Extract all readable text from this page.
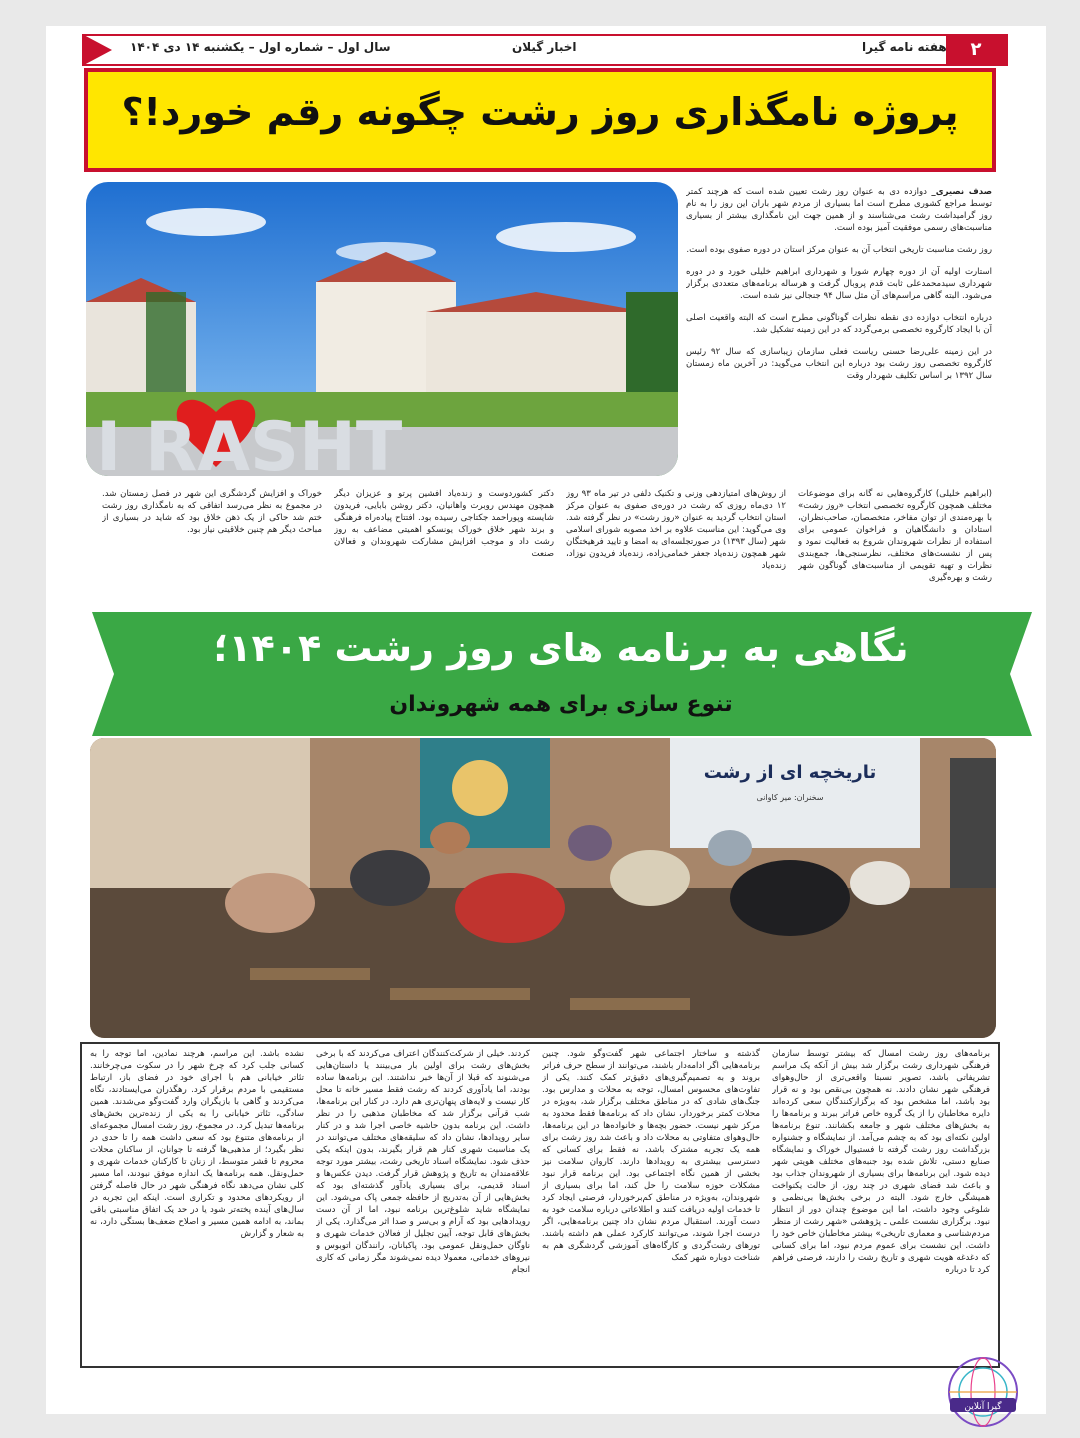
۲
هفته نامه گیرا
اخبار گیلان
سال اول – شماره اول – یکشنبه ۱۴ دی ۱۴۰۴
پروژه نامگذاری روز رشت چگونه رقم خورد!؟
I RASHT

صدف نصیری_ دوازده دی به عنوان روز رشت تعیین شده است که هرچند کمتر توسط مراجع کشوری مطرح است اما بسیاری از مردم شهر باران این روز را به نام روز گرامیداشت رشت می‌شناسند و از همین جهت این نامگذاری بیشتر از بسیاری مناسبت‌های رسمی موفقیت آمیز بوده است.

روز رشت مناسبت تاریخی انتخاب آن به عنوان مرکز استان در دوره صفوی بوده است.

استارت اولیه آن از دوره چهارم شورا و شهرداری ابراهیم خلیلی خورد و در دوره شهرداری سیدمحمدعلی ثابت قدم پروبال گرفت و هرساله برنامه‌های متعددی برگزار می‌شود. البته گاهی مراسم‌های آن مثل سال ۹۴ جنجالی نیز شده است.

درباره انتخاب دوازده دی نقطه نظرات گوناگونی مطرح است که البته واقعیت اصلی آن با ایجاد کارگروه تخصصی برمی‌گردد که در این زمینه تشکیل شد.

در این زمینه علی‌رضا حسنی ریاست فعلی سازمان زیباسازی که سال ۹۲ رئیس کارگروه تخصصی روز رشت بود درباره این انتخاب می‌گوید: در آخرین ماه زمستان سال ۱۳۹۲ بر اساس تکلیف شهردار وقت

(ابراهیم خلیلی) کارگروه‌هایی نه گانه برای موضوعات مختلف همچون کارگروه تخصصی انتخاب «روز رشت» با بهره‌مندی از توان مفاخر، متخصصان، صاحب‌نظران، استادان و دانشگاهیان و فراخوان عمومی برای استفاده از نظرات شهروندان شروع به فعالیت نمود و پس از نشست‌های مختلف، نظرسنجی‌ها، جمع‌بندی نظرات و تهیه تقویمی از مناسبت‌های گوناگون شهر رشت و بهره‌گیری
از روش‌های امتیازدهی وزنی و تکنیک دلفی در تیر ماه ۹۳ روز ۱۲ دی‌ماه روزی که رشت در دوره‌ی صفوی به عنوان مرکز استان انتخاب گردید به عنوان «روز رشت» در نظر گرفته شد. وی می‌گوید: این مناسبت علاوه بر اخذ مصوبه شورای اسلامی شهر (سال ۱۳۹۳) در صورتجلسه‌ای به امضا و تایید فرهیختگان شهر همچون زنده‌یاد جعفر خمامی‌زاده، زنده‌یاد فریدون نوزاد، زنده‌یاد
دکتر کشوردوست و زنده‌یاد افشین پرتو و عزیزان دیگر همچون مهندس روبرت واهانیان، دکتر روشن بابایی، فریدون شایسته وپوراحمد جکتاجی رسیده بود. افتتاح پیاده‌راه فرهنگی و برند شهر خلاق خوراک یونسکو اهمیتی مضاعف به روز رشت داد و موجب افزایش مشارکت شهروندان و فعالان صنعت
خوراک و افزایش گردشگری این شهر در فصل زمستان شد. در مجموع به نظر می‌رسد اتفاقی که به نامگذاری روز رشت ختم شد حاکی از یک ذهن خلاق بود که شاید در بسیاری از مباحث دیگر هم چنین خلاقیتی نیاز بود.
نگاهی به برنامه های روز رشت ۱۴۰۴؛
تنوع سازی برای همه شهروندان
تاریخچه ای از رشت
سخنران: میر کاوانی
برنامه‌های روز رشت امسال که بیشتر توسط سازمان فرهنگی شهرداری رشت برگزار شد بیش از آنکه یک مراسم تشریفاتی باشد، تصویر نسبتا واقعی‌تری از حال‌وهوای فرهنگی شهر نشان دادند. نه همچون بی‌نقص بود و نه قرار بود باشد، اما مشخص بود که برگزارکنندگان سعی کرده‌اند دایره مخاطبان را از یک گروه خاص فراتر ببرند و برنامه‌ها را به بخش‌های مختلف شهر و جامعه بکشانند. تنوع برنامه‌ها اولین نکته‌ای بود که به چشم می‌آمد. از نمایشگاه و جشنواره بزرگداشت روز رشت گرفته تا فستیوال خوراک و نمایشگاه صنایع دستی، تلاش شده بود جنبه‌های مختلف هویتی شهر دیده شود. این برنامه‌ها برای بسیاری از شهروندان جذاب بود و باعث شد فضای شهری در چند روز، از حالت یکنواخت همیشگی خارج شود. البته در برخی بخش‌ها بی‌نظمی و شلوغی وجود داشت، اما این موضوع چندان دور از انتظار نبود. برگزاری نشست علمی ـ پژوهشی «شهر رشت از منظر مردم‌شناسی و معماری تاریخی» بیشتر مخاطبان خاص خود را داشت. این نشست برای عموم مردم نبود، اما برای کسانی که دغدغه هویت شهری و تاریخ رشت را دارند، فرصتی فراهم کرد تا درباره
گذشته و ساختار اجتماعی شهر گفت‌وگو شود. چنین برنامه‌هایی اگر ادامه‌دار باشند، می‌توانند از سطح حرف فراتر بروند و به تصمیم‌گیری‌های دقیق‌تر کمک کنند. یکی از تفاوت‌های محسوس امسال، توجه به محلات و مدارس بود. جنگ‌های شادی که در مناطق مختلف برگزار شد، به‌ویژه در محلات کمتر برخوردار، نشان داد که برنامه‌ها فقط محدود به مرکز شهر نیست. حضور بچه‌ها و خانواده‌ها در این برنامه‌ها، حال‌وهوای متفاوتی به محلات داد و باعث شد روز رشت برای همه یک تجربه مشترک باشد، نه فقط برای کسانی که دسترسی بیشتری به رویدادها دارند. کاروان سلامت نیز بخشی از همین نگاه اجتماعی بود. این برنامه قرار نبود مشکلات حوزه سلامت را حل کند، اما برای بسیاری از شهروندان، به‌ویژه در مناطق کم‌برخوردار، فرصتی ایجاد کرد تا خدمات اولیه دریافت کنند و اطلاعاتی درباره سلامت خود به دست آورند. استقبال مردم نشان داد چنین برنامه‌هایی، اگر درست اجرا شوند، می‌توانند کارکرد عملی هم داشته باشند. تورهای رشت‌گردی و کارگاه‌های آموزشی گردشگری هم به شناخت دوباره شهر کمک
کردند. خیلی از شرکت‌کنندگان اعتراف می‌کردند که با برخی بخش‌های رشت برای اولین بار می‌بینند یا داستان‌هایی می‌شنوند که قبلا از آن‌ها خبر نداشتند. این برنامه‌ها ساده بودند، اما یادآوری کردند که رشت فقط مسیر خانه تا محل کار نیست و لایه‌های پنهان‌تری هم دارد. در کنار این برنامه‌ها، شب قرآنی برگزار شد که مخاطبان مذهبی را در نظر داشت. این برنامه بدون حاشیه خاصی اجرا شد و در کنار سایر رویدادها، نشان داد که سلیقه‌های مختلف می‌توانند در یک مناسبت شهری کنار هم قرار بگیرند، بدون اینکه یکی حذف شود. نمایشگاه اسناد تاریخی رشت، بیشتر مورد توجه علاقه‌مندان به تاریخ و پژوهش قرار گرفت. دیدن عکس‌ها و اسناد قدیمی، برای بسیاری یادآور گذشته‌ای بود که بخش‌هایی از آن به‌تدریج از حافظه جمعی پاک می‌شود. این نمایشگاه شاید شلوغ‌ترین برنامه نبود، اما از آن دست رویدادهایی بود که آرام و بی‌سر و صدا اثر می‌گذارد. یکی از بخش‌های قابل توجه، آیین تجلیل از فعالان خدمات شهری و ناوگان حمل‌ونقل عمومی بود. پاکبانان، رانندگان اتوبوس و نیروهای خدماتی، معمولا دیده نمی‌شوند مگر زمانی که کاری انجام
نشده باشد. این مراسم، هرچند نمادین، اما توجه را به کسانی جلب کرد که چرخ شهر را در سکوت می‌چرخانند. تئاتر خیابانی هم با اجرای خود در فضای باز، ارتباط مستقیمی با مردم برقرار کرد. رهگذران می‌ایستادند، نگاه می‌کردند و گاهی با بازیگران وارد گفت‌وگو می‌شدند. همین سادگی، تئاتر خیابانی را به یکی از زنده‌ترین بخش‌های برنامه‌ها تبدیل کرد. در مجموع، روز رشت امسال مجموعه‌ای از برنامه‌های متنوع بود که سعی داشت همه را تا حدی در نظر بگیرد؛ از مذهبی‌ها گرفته تا جوانان، از ساکنان محلات محروم تا قشر متوسط، از زنان تا کارکنان خدمات شهری و حمل‌ونقل. همه برنامه‌ها یک اندازه موفق نبودند، اما مسیر کلی نشان می‌دهد نگاه فرهنگی شهر در حال فاصله گرفتن از رویکردهای محدود و تکراری است. اینکه این تجربه در سال‌های آینده پخته‌تر شود یا در حد یک اتفاق مناسبتی باقی بماند، به ادامه همین مسیر و اصلاح ضعف‌ها بستگی دارد، نه به شعار و گزارش
گیرا آنلاین
